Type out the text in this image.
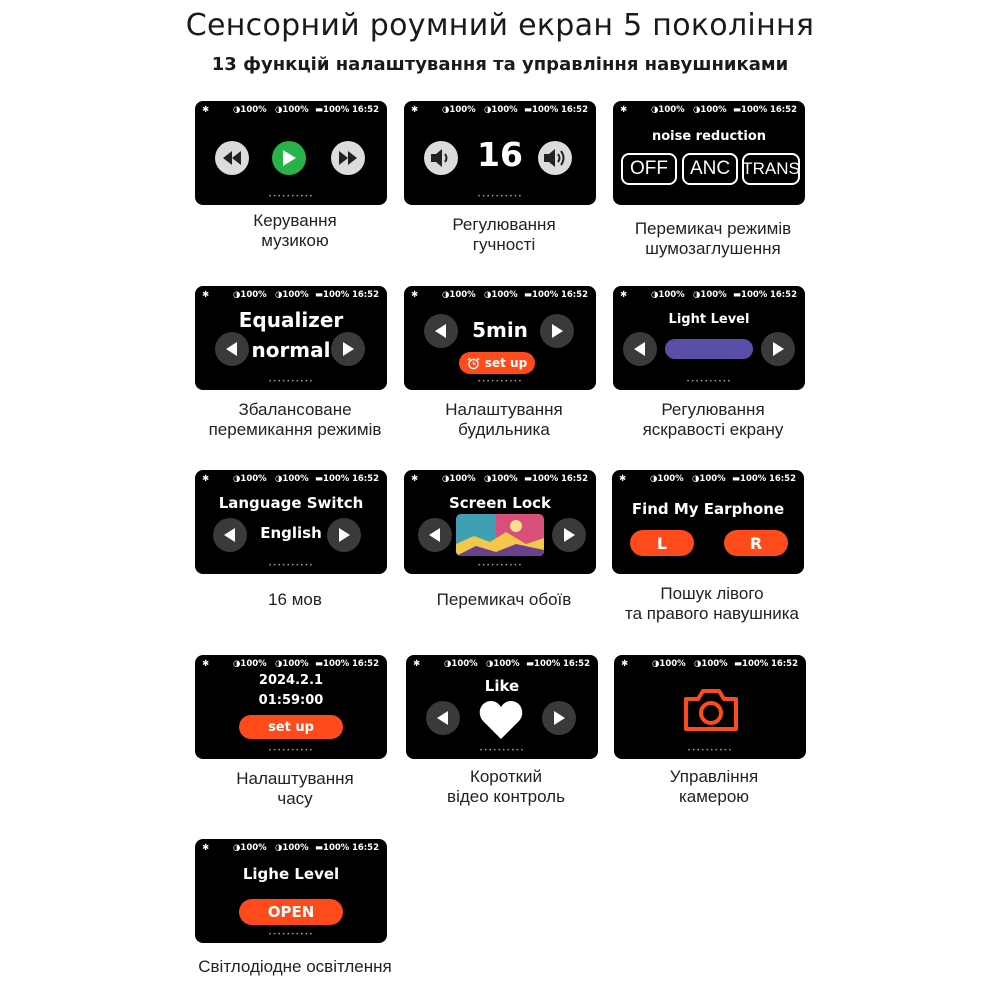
Сенсорний роумний екран 5 покоління
13 функцій налаштування та управління навушниками
✱	◑100% ◑100% ▬100% 16:52
••••••••••
Керування
музикою
✱	◑100% ◑100% ▬100% 16:52
16
••••••••••
Регулювання
гучності
✱	◑100% ◑100% ▬100% 16:52
noise reduction
OFF	ANC TRANS
Перемикач режимів
шумозаглушення
✱	◑100% ◑100% ▬100% 16:52
Equalizer
normal
••••••••••
Збалансоване
перемикання режимів
✱	◑100% ◑100% ▬100% 16:52
5min
set up
••••••••••
Налаштування
будильника
✱	◑100% ◑100% ▬100% 16:52
Light Level
••••••••••
Регулювання
яскравості екрану
✱	◑100% ◑100% ▬100% 16:52
Language Switch
English
••••••••••
16 мов
✱	◑100% ◑100% ▬100% 16:52
Screen Lock
••••••••••
Перемикач обоїв
✱	◑100% ◑100% ▬100% 16:52
Find My Earphone
L	R
Пошук лівого
та правого навушника
✱	◑100% ◑100% ▬100% 16:52
2024.2.1
01:59:00
set up
••••••••••
Налаштування
часу
✱	◑100% ◑100% ▬100% 16:52
Like
••••••••••
Короткий
відео контроль
✱	◑100% ◑100% ▬100% 16:52
••••••••••
Управління
камерою
✱	◑100% ◑100% ▬100% 16:52
Lighe Level
OPEN
••••••••••
Світлодіодне освітлення
